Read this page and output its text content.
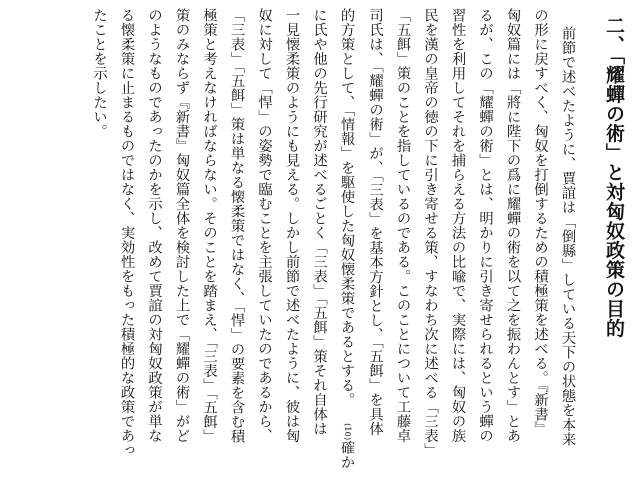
二、「耀蟬の術」と対匈奴政策の目的
前節で述べたように、賈誼は「倒縣」している天下の状態を本来
の形に戻すべく、匈奴を打倒するための積極策を述べる。『新書』
匈奴篇には「將に陛下の爲に耀蟬の術を以て之を振わんとす」とあ
るが、この「耀蟬の術」とは、明かりに引き寄せられるという蟬の
習性を利用してそれを捕らえる方法の比喩で、実際には、匈奴の族
民を漢の皇帝の徳の下に引き寄せる策、すなわち次に述べる「三表」
「五餌」策のことを指しているのである。このことについて工藤卓
司氏は、「耀蟬の術」が、「三表」を基本方針とし、「五餌」を具体
的方策として、「情報」を駆使した匈奴懐柔策であるとする。 (10)確か
に氏や他の先行研究が述べるごとく「三表」「五餌」策それ自体は
一見懐柔策のようにも見える。しかし前節で述べたように、彼は匈
奴に対して「悍」の姿勢で臨むことを主張していたのであるから、
「三表」「五餌」策は単なる懐柔策ではなく、「悍」の要素を含む積
極策と考えなければならない。そのことを踏まえ、「三表」「五餌」
策のみならず『新書』匈奴篇全体を検討した上で「耀蟬の術」がど
のようなものであったのかを示し、改めて賈誼の対匈奴政策が単な
る懐柔策に止まるものではなく、実効性をもった積極的な政策であっ
たことを示したい。
